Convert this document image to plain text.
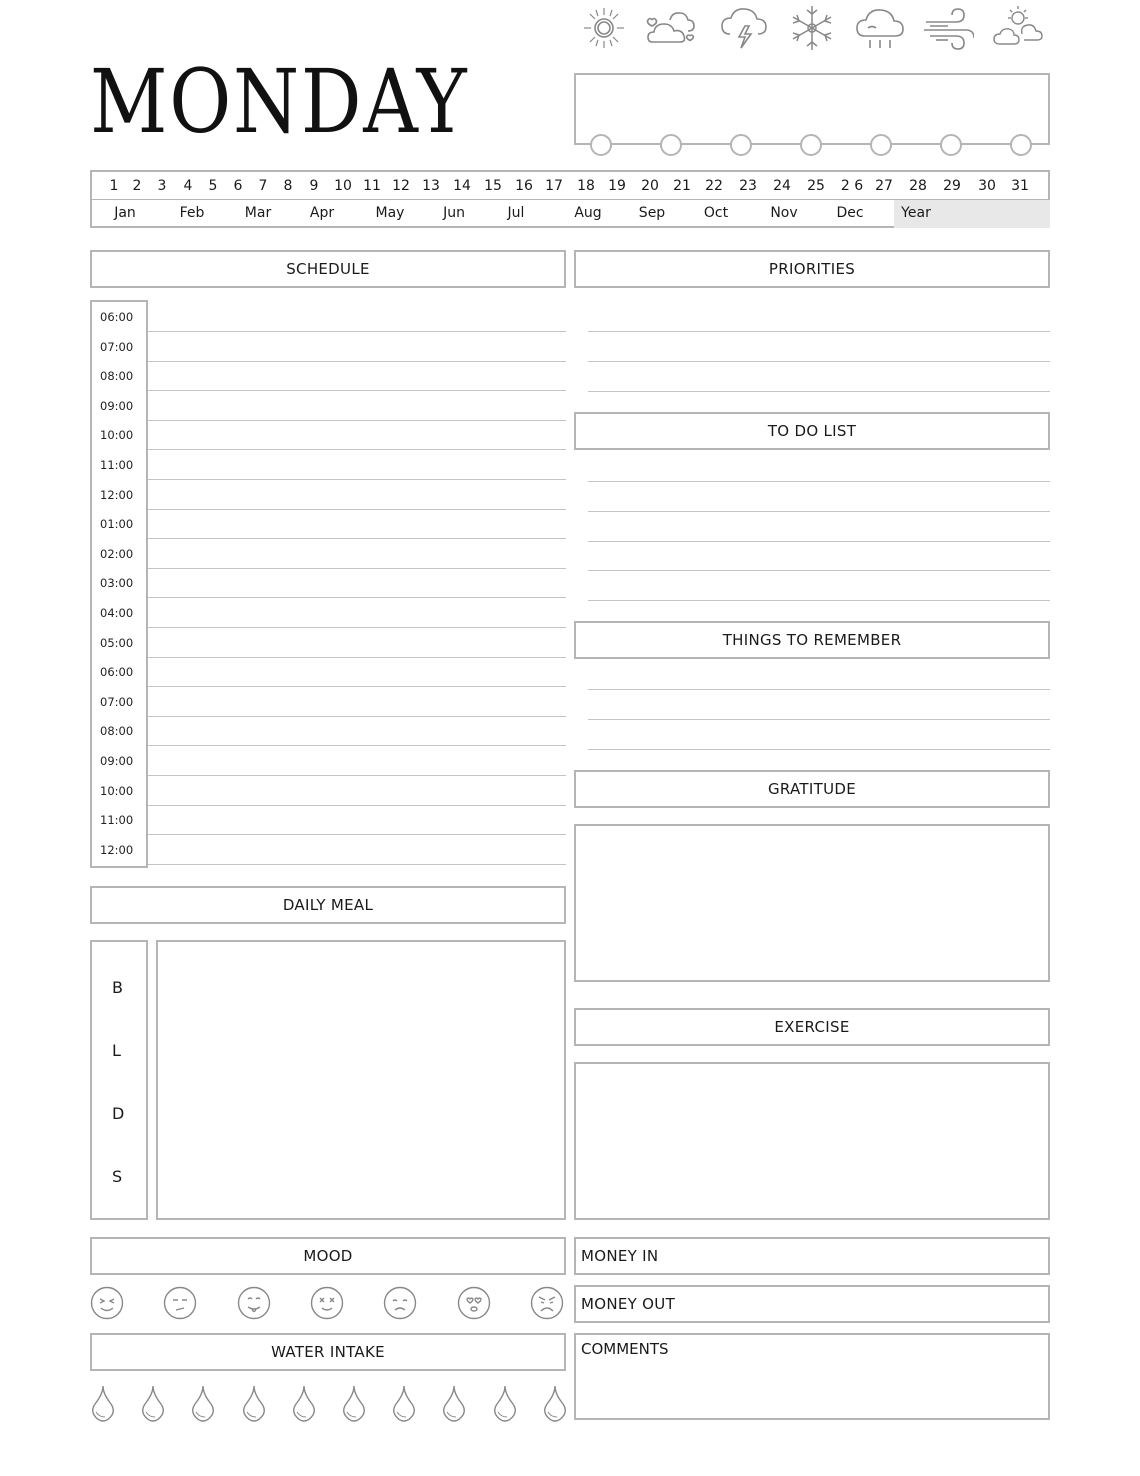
MONDAY
1 2 3 4 5 6 7 8 9 10 11 12 13 14 15 16 17 18 19 20 21 22 23 24 25 2 6 27 28 29 30 31
Jan	Feb	Mar	Apr	May	Jun	Jul	Aug	Sep	Oct	Nov	Dec	Year
SCHEDULE
06:00
07:00
08:00
09:00
10:00
11:00
12:00
01:00
02:00
03:00
04:00
05:00
06:00
07:00
08:00
09:00
10:00
11:00
12:00
DAILY MEAL
B
L
D
S
MOOD
WATER INTAKE
PRIORITIES
TO DO LIST
THINGS TO REMEMBER
GRATITUDE
EXERCISE
MONEY IN
MONEY OUT
COMMENTS
